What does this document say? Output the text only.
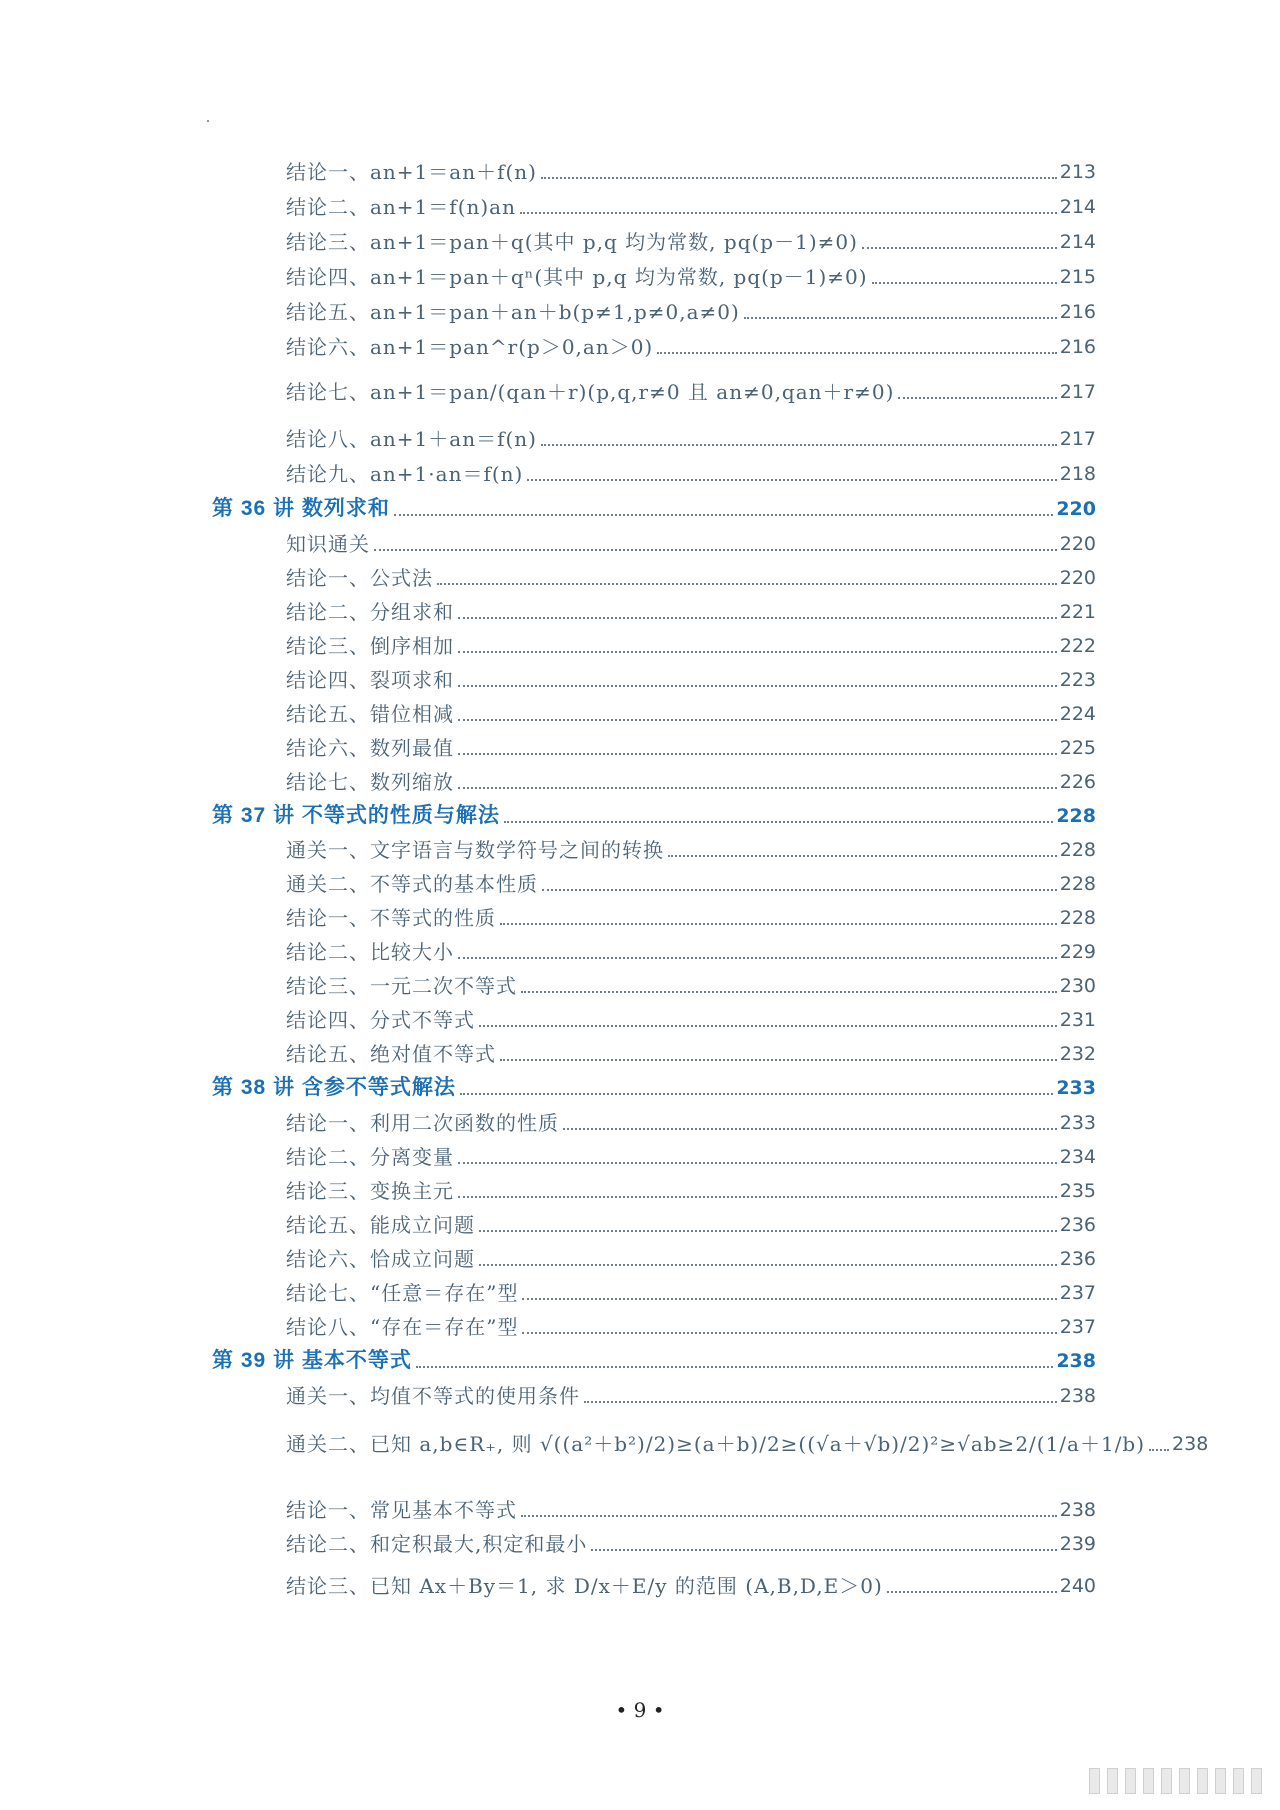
结论一、an+1＝an＋f(n)	213
结论二、an+1＝f(n)an	214
结论三、an+1＝pan＋q(其中 p,q 均为常数, pq(p－1)≠0)	214
结论四、an+1＝pan＋qⁿ(其中 p,q 均为常数, pq(p－1)≠0)	215
结论五、an+1＝pan＋an＋b(p≠1,p≠0,a≠0)	216
结论六、an+1＝pan^r(p＞0,an＞0)	216
结论七、an+1＝pan/(qan＋r)(p,q,r≠0 且 an≠0,qan＋r≠0)	217
结论八、an+1＋an＝f(n)	217
结论九、an+1·an＝f(n)	218
第 36 讲 数列求和	220
知识通关	220
结论一、公式法	220
结论二、分组求和	221
结论三、倒序相加	222
结论四、裂项求和	223
结论五、错位相减	224
结论六、数列最值	225
结论七、数列缩放	226
第 37 讲 不等式的性质与解法	228
通关一、文字语言与数学符号之间的转换	228
通关二、不等式的基本性质	228
结论一、不等式的性质	228
结论二、比较大小	229
结论三、一元二次不等式	230
结论四、分式不等式	231
结论五、绝对值不等式	232
第 38 讲 含参不等式解法	233
结论一、利用二次函数的性质	233
结论二、分离变量	234
结论三、变换主元	235
结论五、能成立问题	236
结论六、恰成立问题	236
结论七、“任意＝存在”型	237
结论八、“存在＝存在”型	237
第 39 讲 基本不等式	238
通关一、均值不等式的使用条件	238
通关二、已知 a,b∈R₊, 则 √((a²＋b²)/2)≥(a＋b)/2≥((√a＋√b)/2)²≥√ab≥2/(1/a＋1/b) 238
结论一、常见基本不等式	238
结论二、和定积最大,积定和最小	239
结论三、已知 Ax＋By＝1, 求 D/x＋E/y 的范围 (A,B,D,E＞0)	240
• 9 •
